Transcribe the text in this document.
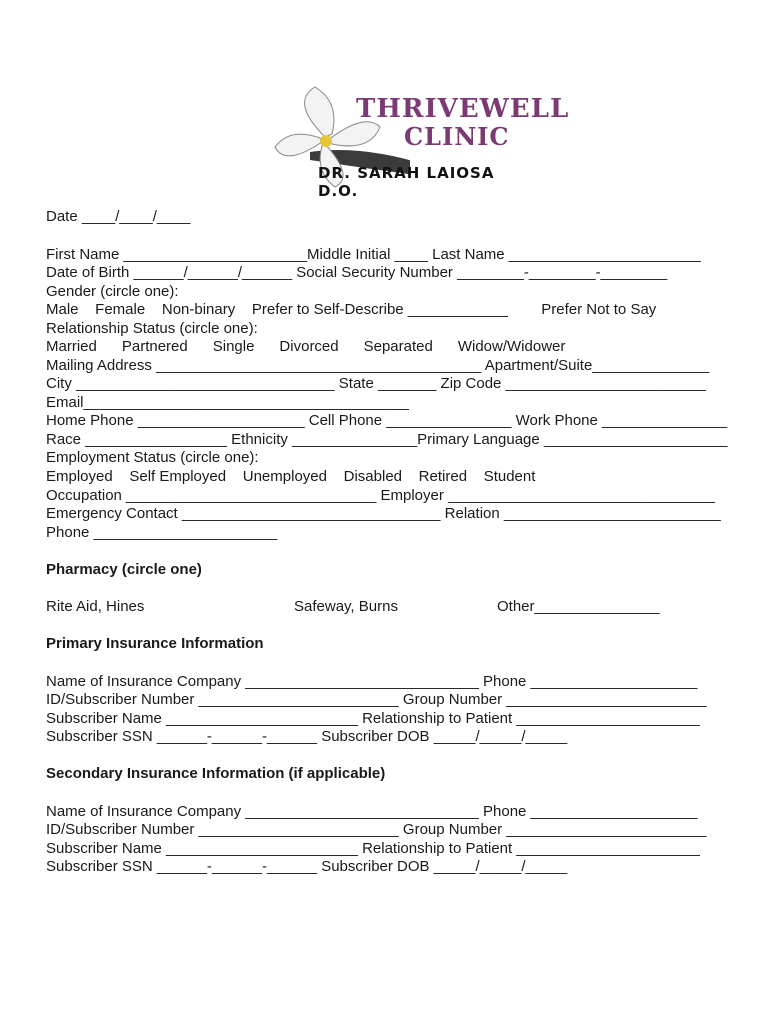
THRIVEWELL
CLINIC
DR. SARAH LAIOSA D.O.
Date ____/____/____
First Name ______________________Middle Initial ____ Last Name _______________________
Date of Birth ______/______/______ Social Security Number ________-________-________
Gender (circle one):
Male    Female    Non-binary    Prefer to Self-Describe ____________        Prefer Not to Say
Relationship Status (circle one):
Married      Partnered      Single      Divorced      Separated      Widow/Widower
Mailing Address _______________________________________ Apartment/Suite______________
City _______________________________ State _______ Zip Code ________________________
Email_______________________________________
Home Phone ____________________ Cell Phone _______________ Work Phone _______________
Race _________________ Ethnicity _______________Primary Language ______________________
Employment Status (circle one):
Employed    Self Employed    Unemployed    Disabled    Retired    Student
Occupation ______________________________ Employer ________________________________
Emergency Contact _______________________________ Relation __________________________
Phone ______________________
Pharmacy (circle one)
Rite Aid, Hines	Safeway, Burns	Other_______________
Primary Insurance Information
Name of Insurance Company ____________________________ Phone ____________________
ID/Subscriber Number ________________________ Group Number ________________________
Subscriber Name _______________________ Relationship to Patient ______________________
Subscriber SSN ______-______-______ Subscriber DOB _____/_____/_____
Secondary Insurance Information (if applicable)
Name of Insurance Company ____________________________ Phone ____________________
ID/Subscriber Number ________________________ Group Number ________________________
Subscriber Name _______________________ Relationship to Patient ______________________
Subscriber SSN ______-______-______ Subscriber DOB _____/_____/_____
